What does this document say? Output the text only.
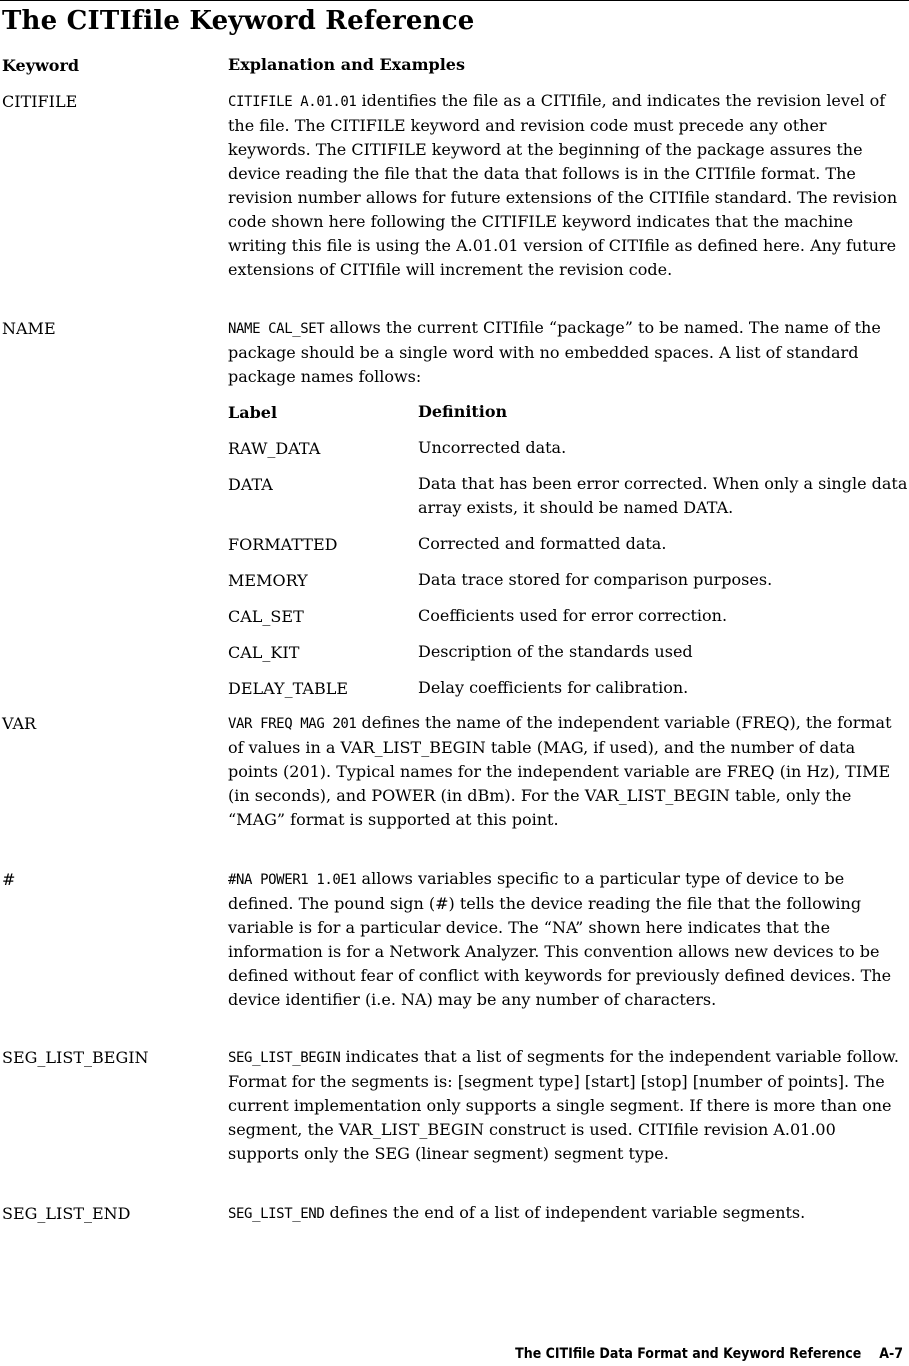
The CITIfile Keyword Reference
Keyword	Explanation and Examples
CITIFILE	CITIFILE A.01.01 identifies the file as a CITIfile, and indicates the revision level of the file. The CITIFILE keyword and revision code must precede any other keywords. The CITIFILE keyword at the beginning of the package assures the device reading the file that the data that follows is in the CITIfile format. The revision number allows for future extensions of the CITIfile standard. The revision code shown here following the CITIFILE keyword indicates that the machine writing this file is using the A.01.01 version of CITIfile as defined here. Any future extensions of CITIfile will increment the revision code.
NAME	NAME CAL_SET allows the current CITIfile “package” to be named. The name of the package should be a single word with no embedded spaces. A list of standard package names follows:
Label	Definition
RAW_DATA	Uncorrected data.
DATA	Data that has been error corrected. When only a single data array exists, it should be named DATA.
FORMATTED	Corrected and formatted data.
MEMORY	Data trace stored for comparison purposes.
CAL_SET	Coefficients used for error correction.
CAL_KIT	Description of the standards used
DELAY_TABLE	Delay coefficients for calibration.
VAR	VAR FREQ MAG 201 defines the name of the independent variable (FREQ), the format of values in a VAR_LIST_BEGIN table (MAG, if used), and the number of data points (201). Typical names for the independent variable are FREQ (in Hz), TIME (in seconds), and POWER (in dBm). For the VAR_LIST_BEGIN table, only the “MAG” format is supported at this point.
#	#NA POWER1 1.0E1 allows variables specific to a particular type of device to be defined. The pound sign (#) tells the device reading the file that the following variable is for a particular device. The “NA” shown here indicates that the information is for a Network Analyzer. This convention allows new devices to be defined without fear of conflict with keywords for previously defined devices. The device identifier (i.e. NA) may be any number of characters.
SEG_LIST_BEGIN	SEG_LIST_BEGIN indicates that a list of segments for the independent variable follow. Format for the segments is: [segment type] [start] [stop] [number of points]. The current implementation only supports a single segment. If there is more than one segment, the VAR_LIST_BEGIN construct is used. CITIfile revision A.01.00 supports only the SEG (linear segment) segment type.
SEG_LIST_END	SEG_LIST_END defines the end of a list of independent variable segments.
The CITIfile Data Format and Keyword Reference A-7
